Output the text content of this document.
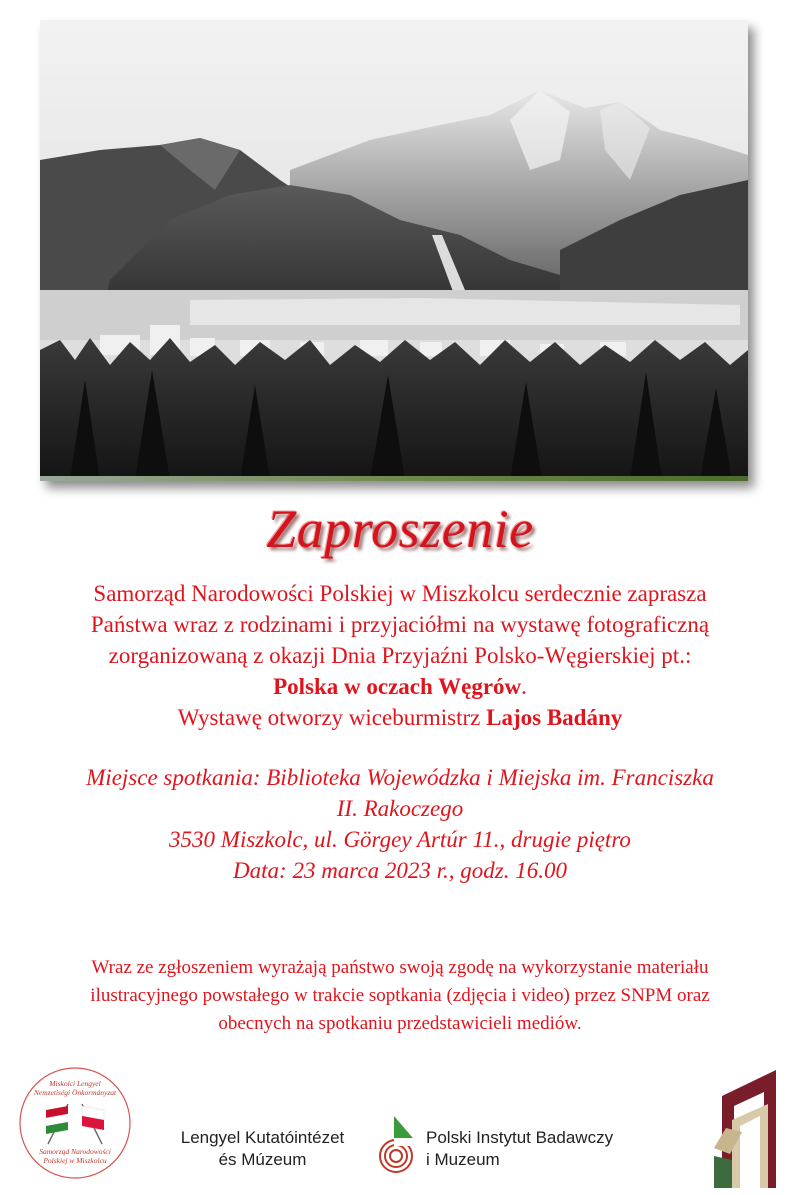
Zaproszenie
Samorząd Narodowości Polskiej w Miszkolcu serdecznie zaprasza
Państwa wraz z rodzinami i przyjaciółmi na wystawę fotograficzną
zorganizowaną z okazji Dnia Przyjaźni Polsko-Węgierskiej pt.:
Polska w oczach Węgrów.
Wystawę otworzy wiceburmistrz Lajos Badány
Miejsce spotkania: Biblioteka Wojewódzka i Miejska im. Franciszka
II. Rakoczego
3530 Miszkolc, ul. Görgey Artúr 11., drugie piętro
Data: 23 marca 2023 r., godz. 16.00
Wraz ze zgłoszeniem wyrażają państwo swoją zgodę na wykorzystanie materiału
ilustracyjnego powstałego w trakcie soptkania (zdjęcia i video) przez SNPM oraz
obecnych na spotkaniu przedstawicieli mediów.
Miskolci Lengyel
Nemzetiségi Önkormányzat
Samorząd Narodowości
Polskiej w Miszkolcu
Lengyel Kutatóintézet
és Múzeum
Polski Instytut Badawczy
i Muzeum
